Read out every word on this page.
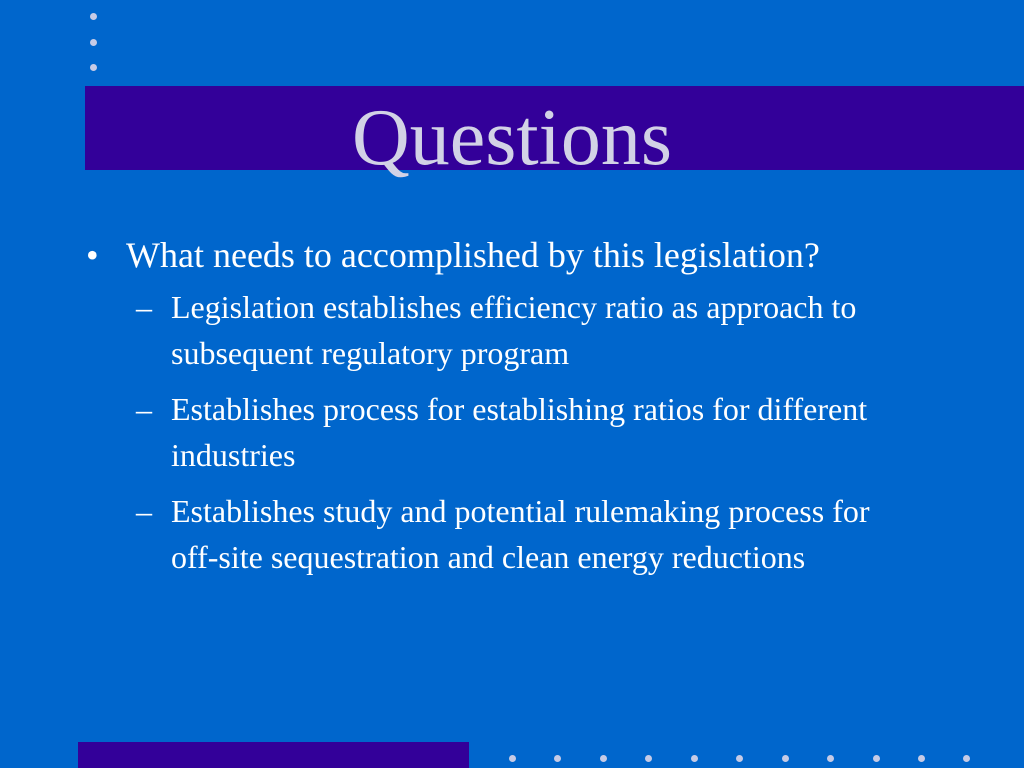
Questions
• What needs to accomplished by this legislation?
– Legislation establishes efficiency ratio as approach to subsequent regulatory program
– Establishes process for establishing ratios for different industries
– Establishes study and potential rulemaking process for off-site sequestration and clean energy reductions
